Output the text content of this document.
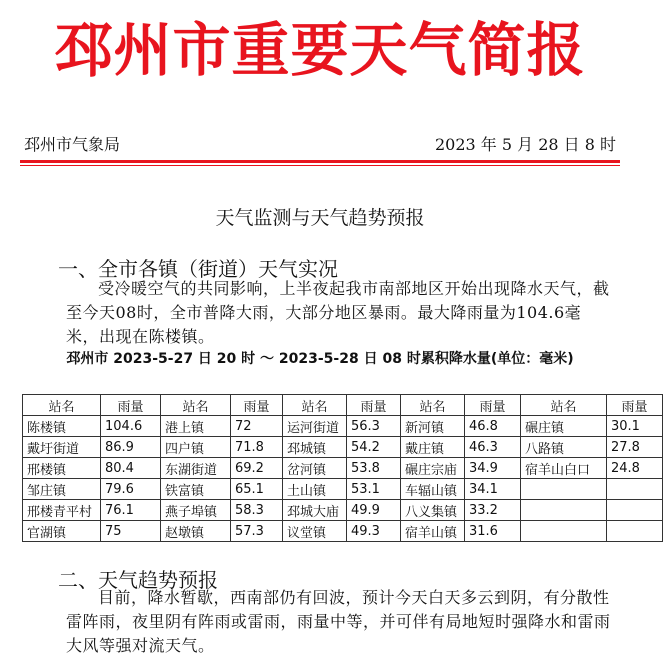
邳州市重要天气简报
邳州市气象局	2023 年 5 月 28 日 8 时
天气监测与天气趋势预报
一、全市各镇（街道）天气实况
受冷暖空气的共同影响，上半夜起我市南部地区开始出现降水天气，截至今天08时，全市普降大雨，大部分地区暴雨。最大降雨量为104.6毫米，出现在陈楼镇。
邳州市 2023-5-27 日 20 时 ～ 2023-5-28 日 08 时累积降水量(单位：毫米)
站名	雨量	站名	雨量	站名	雨量	站名	雨量	站名	雨量
陈楼镇	104.6	港上镇	72	运河街道	56.3	新河镇	46.8	碾庄镇	30.1
戴圩街道	86.9	四户镇	71.8	邳城镇	54.2	戴庄镇	46.3	八路镇	27.8
邢楼镇	80.4	东湖街道	69.2	岔河镇	53.8	碾庄宗庙	34.9	宿羊山白口	24.8
邹庄镇	79.6	铁富镇	65.1	土山镇	53.1	车辐山镇	34.1		
邢楼青平村	76.1	燕子埠镇	58.3	邳城大庙	49.9	八义集镇	33.2		
官湖镇	75	赵墩镇	57.3	议堂镇	49.3	宿羊山镇	31.6		
二、天气趋势预报
目前，降水暂歇，西南部仍有回波，预计今天白天多云到阴，有分散性雷阵雨，夜里阴有阵雨或雷雨，雨量中等，并可伴有局地短时强降水和雷雨大风等强对流天气。
